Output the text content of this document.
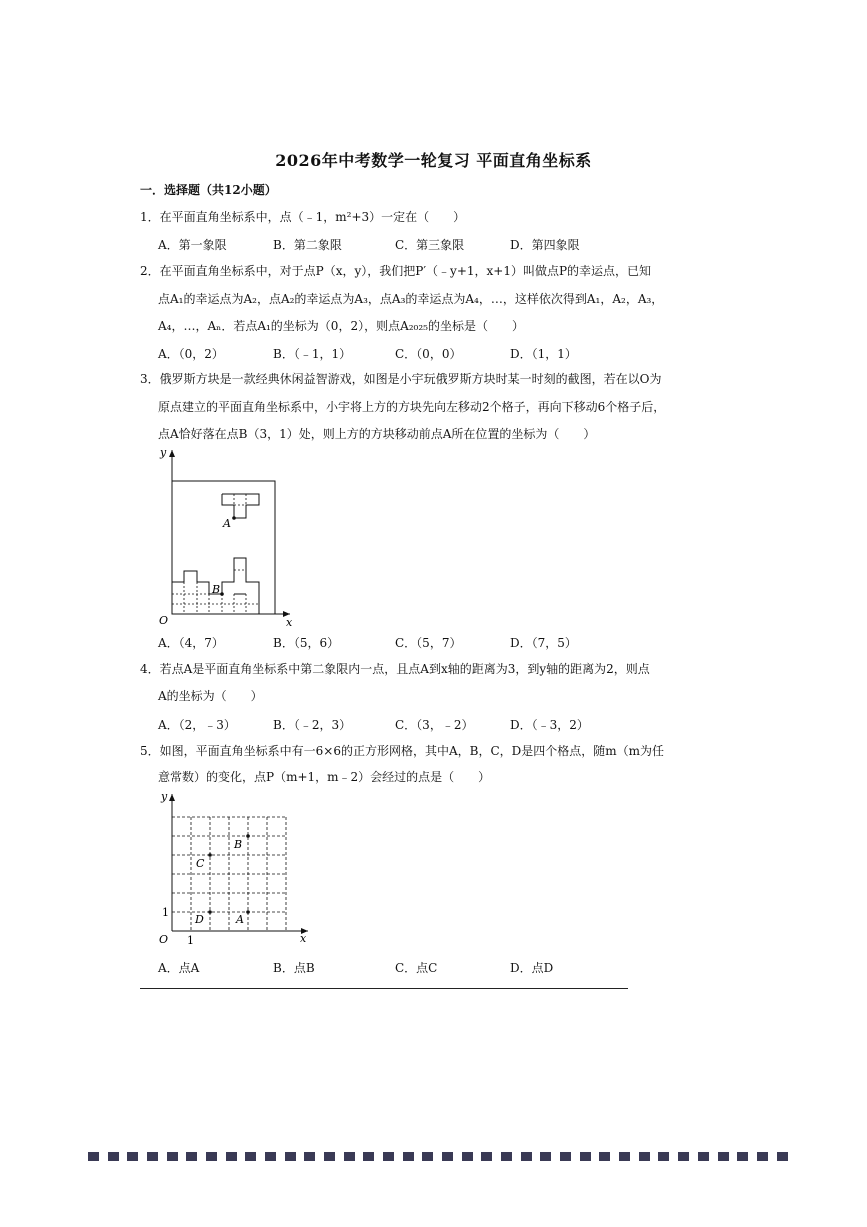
2026年中考数学一轮复习 平面直角坐标系
一．选择题（共12小题）
1．在平面直角坐标系中，点（﹣1，m²+3）一定在（　　）
A．第一象限	B．第二象限	C．第三象限	D．第四象限
2．在平面直角坐标系中，对于点P（x，y），我们把P′（﹣y+1，x+1）叫做点P的幸运点，已知
点A₁的幸运点为A₂，点A₂的幸运点为A₃，点A₃的幸运点为A₄，…，这样依次得到A₁，A₂，A₃，
A₄，…，Aₙ．若点A₁的坐标为（0，2），则点A₂₀₂₅的坐标是（　　）
A．（0，2）	B．（﹣1，1）	C．（0，0）	D．（1，1）
3．俄罗斯方块是一款经典休闲益智游戏，如图是小宇玩俄罗斯方块时某一时刻的截图，若在以O为
原点建立的平面直角坐标系中，小宇将上方的方块先向左移动2个格子，再向下移动6个格子后，
点A恰好落在点B（3，1）处，则上方的方块移动前点A所在位置的坐标为（　　）
y
x
O
A
B
A．（4，7）	B．（5，6）	C．（5，7）	D．（7，5）
4．若点A是平面直角坐标系中第二象限内一点，且点A到x轴的距离为3，到y轴的距离为2，则点
A的坐标为（　　）
A．（2，﹣3）	B．（﹣2，3）	C．（3，﹣2）	D．（﹣3，2）
5．如图，平面直角坐标系中有一6×6的正方形网格，其中A，B，C，D是四个格点，随m（m为任
意常数）的变化，点P（m+1，m﹣2）会经过的点是（　　）
y
x
O 1
1
B
C
D	A
A．点A	B．点B	C．点C	D．点D
